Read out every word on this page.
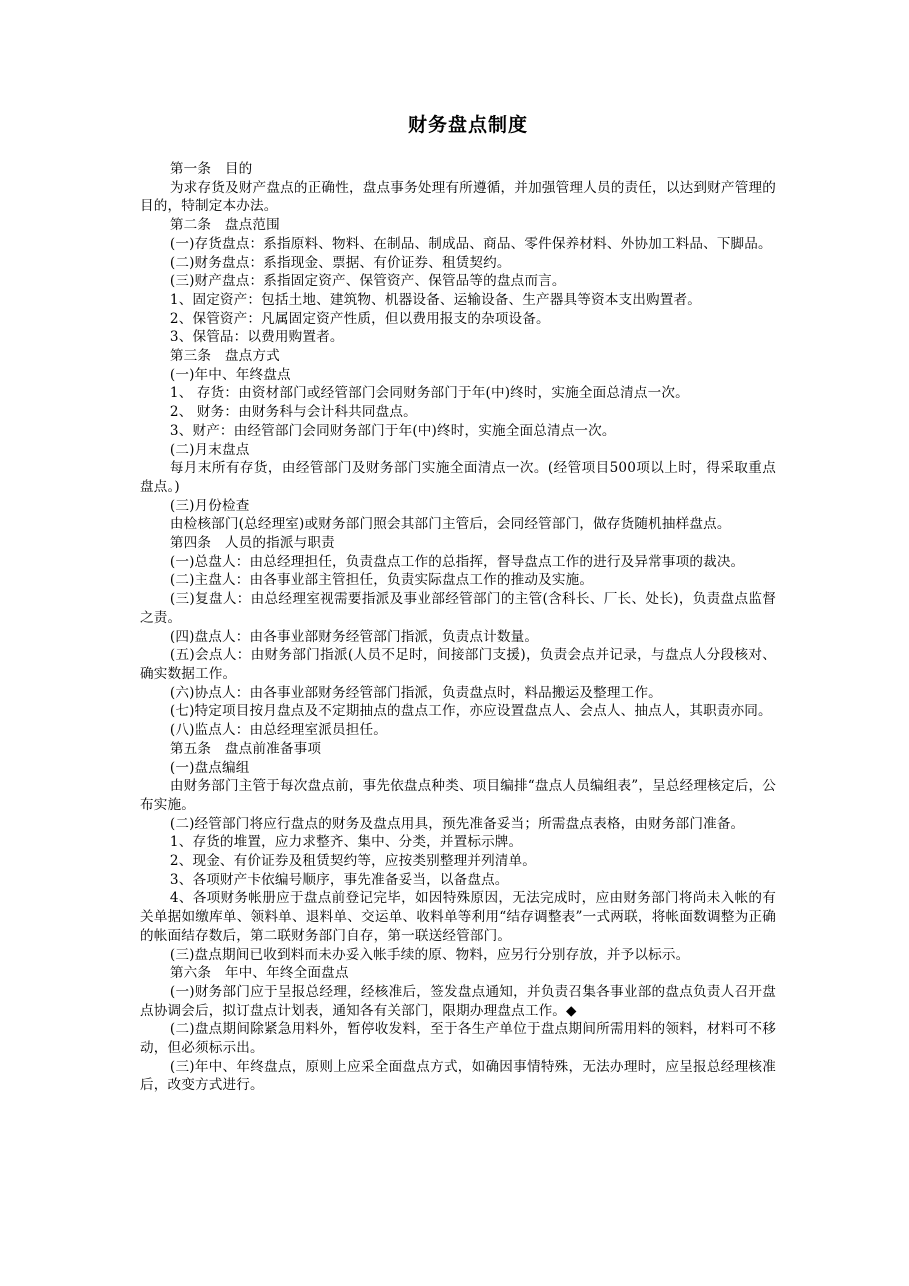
财务盘点制度

第一条　目的

为求存货及财产盘点的正确性，盘点事务处理有所遵循，并加强管理人员的责任，以达到财产管理的目的，特制定本办法。

第二条　盘点范围

(一)存货盘点：系指原料、物料、在制品、制成品、商品、零件保养材料、外协加工料品、下脚品。

(二)财务盘点：系指现金、票据、有价证券、租赁契约。

(三)财产盘点：系指固定资产、保管资产、保管品等的盘点而言。

1、固定资产：包括土地、建筑物、机器设备、运输设备、生产器具等资本支出购置者。

2、保管资产：凡属固定资产性质，但以费用报支的杂项设备。

3、保管品：以费用购置者。

第三条　盘点方式

(一)年中、年终盘点

1、 存货：由资材部门或经管部门会同财务部门于年(中)终时，实施全面总清点一次。

2、 财务：由财务科与会计科共同盘点。

3、财产：由经管部门会同财务部门于年(中)终时，实施全面总清点一次。

(二)月末盘点

每月末所有存货，由经管部门及财务部门实施全面清点一次。(经管项目500项以上时，得采取重点盘点。)

(三)月份检查

由检核部门(总经理室)或财务部门照会其部门主管后，会同经管部门，做存货随机抽样盘点。

第四条　人员的指派与职责

(一)总盘人：由总经理担任，负责盘点工作的总指挥，督导盘点工作的进行及异常事项的裁决。

(二)主盘人：由各事业部主管担任，负责实际盘点工作的推动及实施。

(三)复盘人：由总经理室视需要指派及事业部经管部门的主管(含科长、厂长、处长)，负责盘点监督之责。

(四)盘点人：由各事业部财务经管部门指派，负责点计数量。

(五)会点人：由财务部门指派(人员不足时，间接部门支援)，负责会点并记录，与盘点人分段核对、确实数据工作。

(六)协点人：由各事业部财务经管部门指派，负责盘点时，料品搬运及整理工作。

(七)特定项目按月盘点及不定期抽点的盘点工作，亦应设置盘点人、会点人、抽点人，其职责亦同。

(八)监点人：由总经理室派员担任。

第五条　盘点前准备事项

(一)盘点编组

由财务部门主管于每次盘点前，事先依盘点种类、项目编排“盘点人员编组表”，呈总经理核定后，公布实施。

(二)经管部门将应行盘点的财务及盘点用具，预先准备妥当；所需盘点表格，由财务部门准备。

1、存货的堆置，应力求整齐、集中、分类，并置标示牌。

2、现金、有价证券及租赁契约等，应按类别整理并列清单。

3、各项财产卡依编号顺序，事先准备妥当，以备盘点。

4、各项财务帐册应于盘点前登记完毕，如因特殊原因，无法完成时，应由财务部门将尚未入帐的有关单据如缴库单、领料单、退料单、交运单、收料单等利用“结存调整表”一式两联，将帐面数调整为正确的帐面结存数后，第二联财务部门自存，第一联送经管部门。

(三)盘点期间已收到料而未办妥入帐手续的原、物料，应另行分别存放，并予以标示。

第六条　年中、年终全面盘点

(一)财务部门应于呈报总经理，经核准后，签发盘点通知，并负责召集各事业部的盘点负责人召开盘点协调会后，拟订盘点计划表，通知各有关部门，限期办理盘点工作。◆

(二)盘点期间除紧急用料外，暂停收发料，至于各生产单位于盘点期间所需用料的领料，材料可不移动，但必须标示出。

(三)年中、年终盘点，原则上应采全面盘点方式，如确因事情特殊，无法办理时，应呈报总经理核准后，改变方式进行。
